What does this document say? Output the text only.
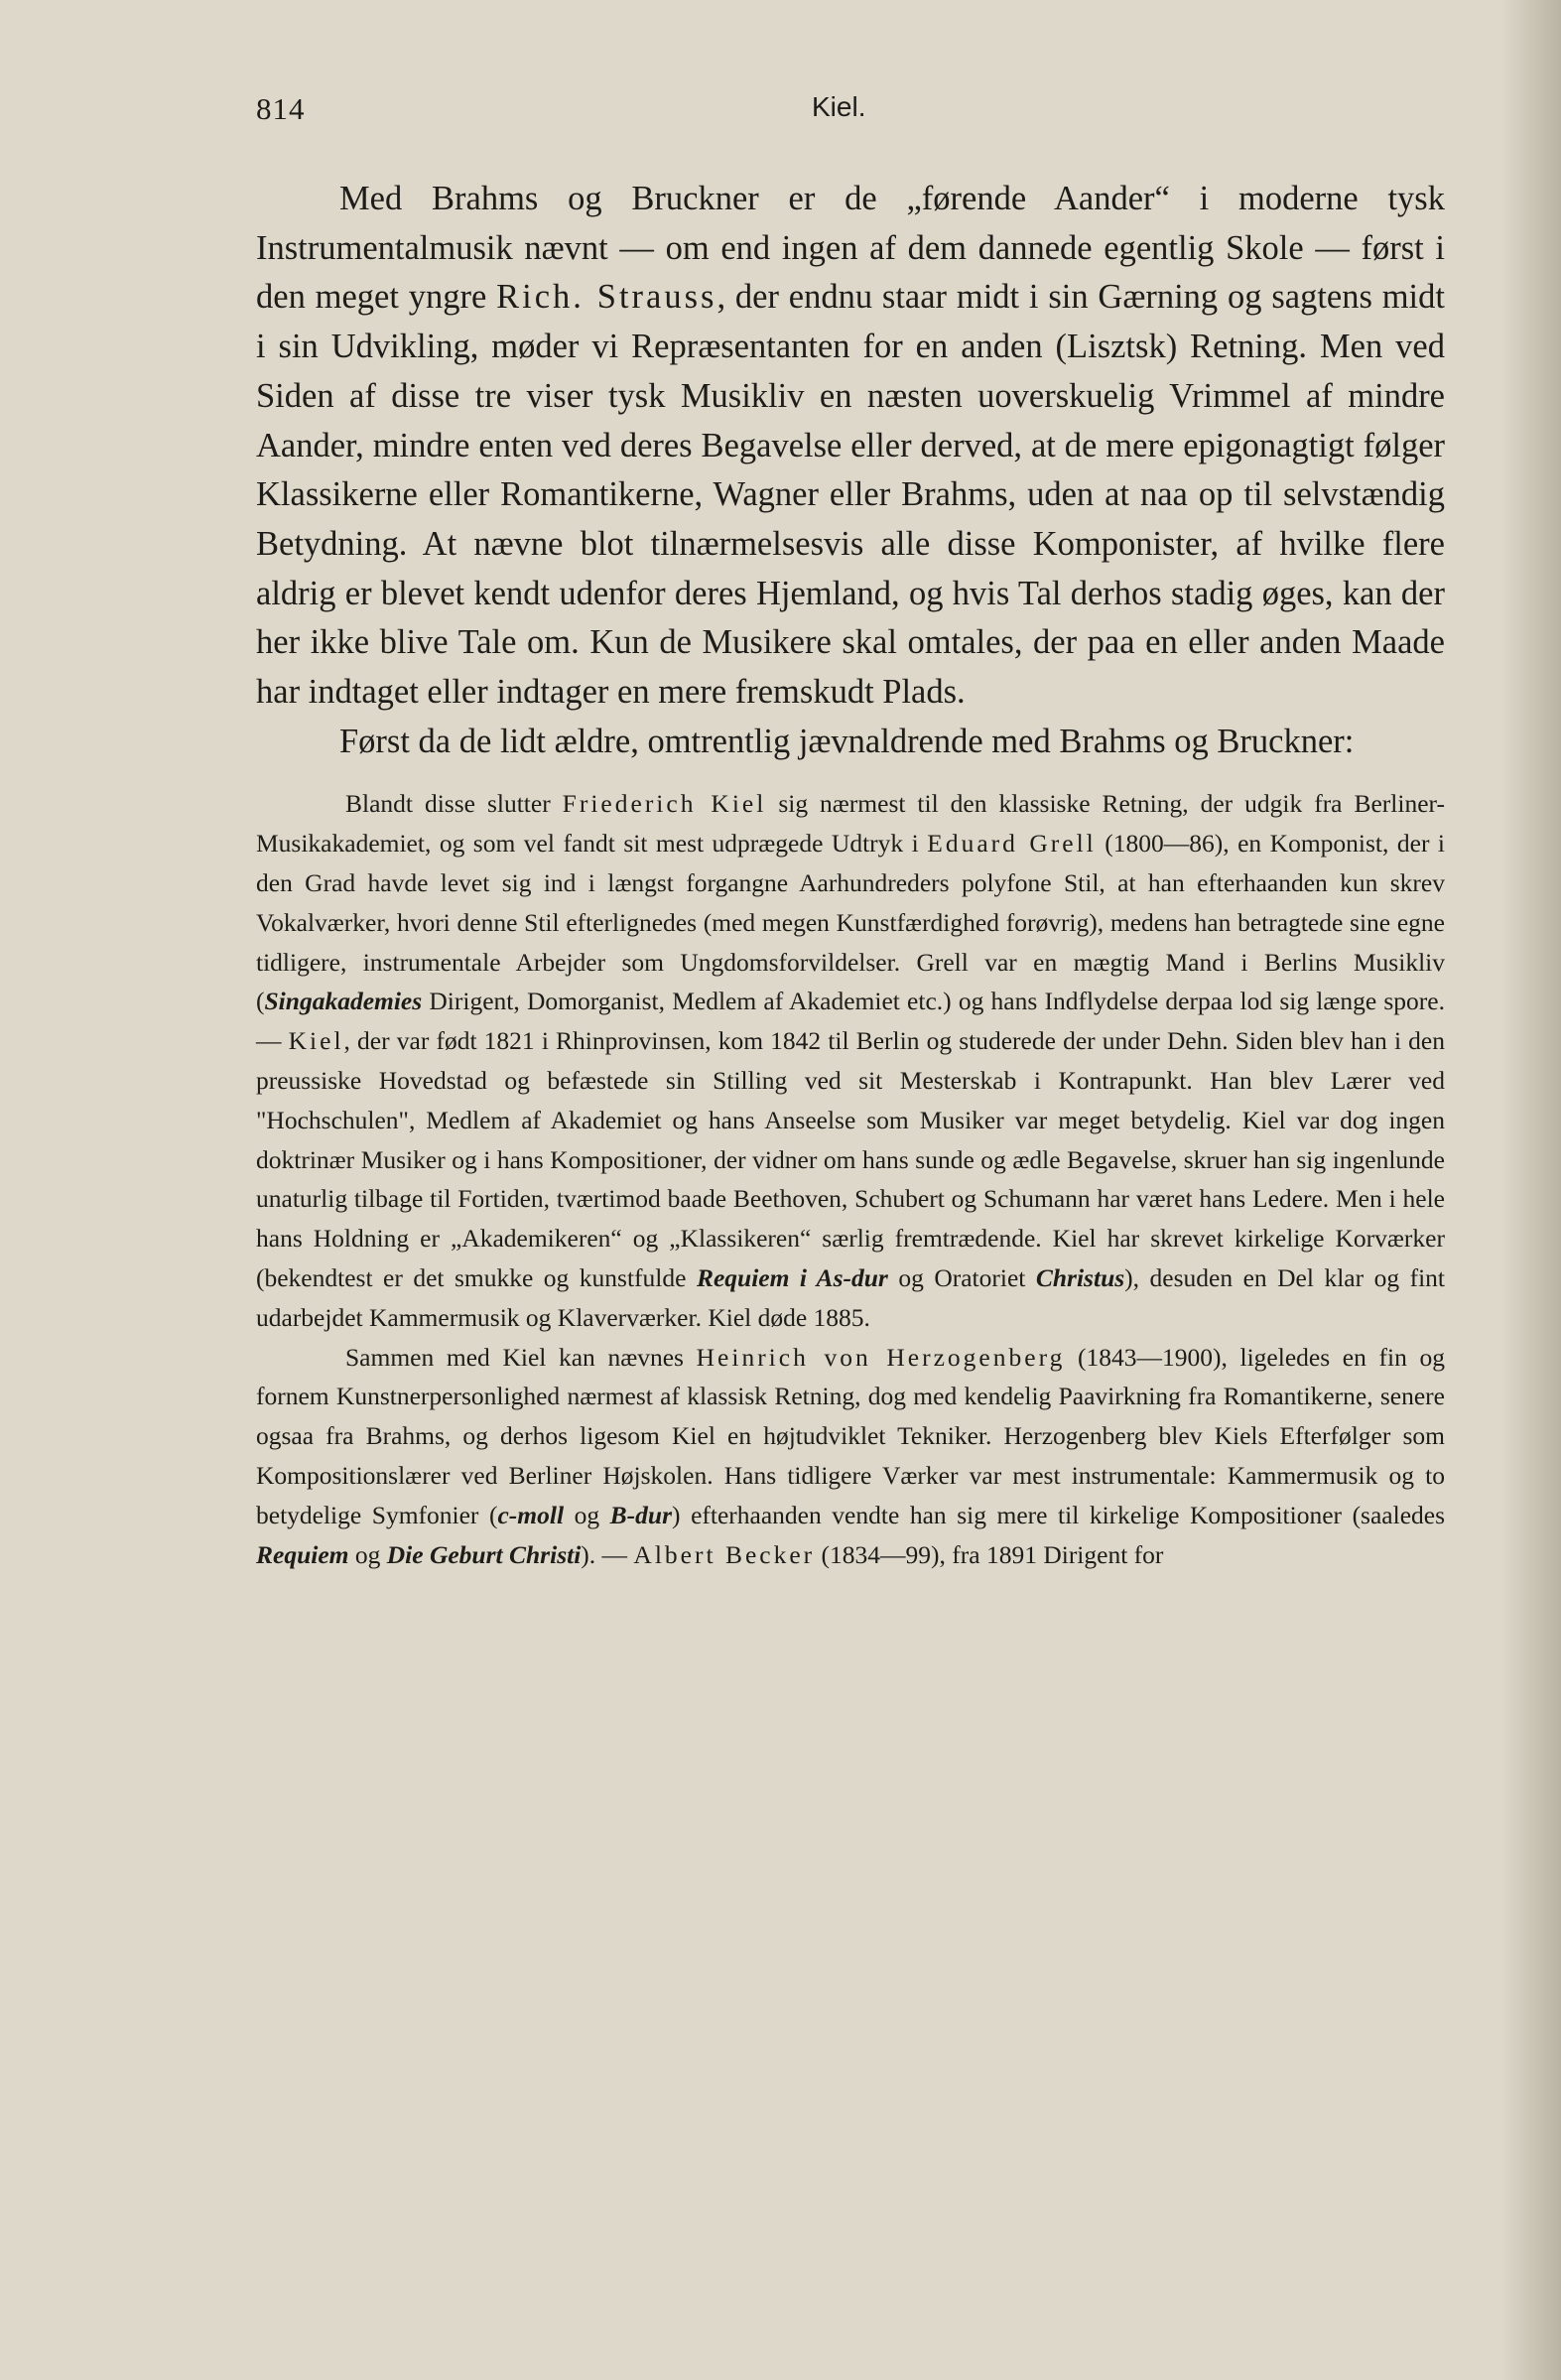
814	Kiel.

Med Brahms og Bruckner er de „førende Aander“ i moderne tysk Instrumentalmusik nævnt — om end ingen af dem dannede egentlig Skole — først i den meget yngre Rich. Strauss, der endnu staar midt i sin Gærning og sagtens midt i sin Udvikling, møder vi Repræsentanten for en anden (Lisztsk) Retning. Men ved Siden af disse tre viser tysk Musikliv en næsten uoverskuelig Vrimmel af mindre Aander, mindre enten ved deres Begavelse eller derved, at de mere epigonagtigt følger Klassikerne eller Romantikerne, Wagner eller Brahms, uden at naa op til selvstændig Betydning. At nævne blot tilnærmelsesvis alle disse Komponister, af hvilke flere aldrig er blevet kendt udenfor deres Hjemland, og hvis Tal derhos stadig øges, kan der her ikke blive Tale om. Kun de Musikere skal omtales, der paa en eller anden Maade har indtaget eller indtager en mere fremskudt Plads.

Først da de lidt ældre, omtrentlig jævnaldrende med Brahms og Bruckner:

Blandt disse slutter Friederich Kiel sig nærmest til den klassiske Retning, der udgik fra Berliner-Musikakademiet, og som vel fandt sit mest udprægede Udtryk i Eduard Grell (1800—86), en Komponist, der i den Grad havde levet sig ind i længst forgangne Aarhundreders polyfone Stil, at han efterhaanden kun skrev Vokalværker, hvori denne Stil efterlignedes (med megen Kunstfærdighed forøvrig), medens han betragtede sine egne tidligere, instrumentale Arbejder som Ungdomsforvildelser. Grell var en mægtig Mand i Berlins Musikliv (Singakademies Dirigent, Domorganist, Medlem af Akademiet etc.) og hans Indflydelse derpaa lod sig længe spore. — Kiel, der var født 1821 i Rhinprovinsen, kom 1842 til Berlin og studerede der under Dehn. Siden blev han i den preussiske Hovedstad og befæstede sin Stilling ved sit Mesterskab i Kontrapunkt. Han blev Lærer ved "Hochschulen", Medlem af Akademiet og hans Anseelse som Musiker var meget betydelig. Kiel var dog ingen doktrinær Musiker og i hans Kompositioner, der vidner om hans sunde og ædle Begavelse, skruer han sig ingenlunde unaturlig tilbage til Fortiden, tværtimod baade Beethoven, Schubert og Schumann har været hans Ledere. Men i hele hans Holdning er „Akademikeren“ og „Klassikeren“ særlig fremtrædende. Kiel har skrevet kirkelige Korværker (bekendtest er det smukke og kunstfulde Requiem i As-dur og Oratoriet Christus), desuden en Del klar og fint udarbejdet Kammermusik og Klaverværker. Kiel døde 1885.

Sammen med Kiel kan nævnes Heinrich von Herzogenberg (1843—1900), ligeledes en fin og fornem Kunstnerpersonlighed nærmest af klassisk Retning, dog med kendelig Paavirkning fra Romantikerne, senere ogsaa fra Brahms, og derhos ligesom Kiel en højtudviklet Tekniker. Herzogenberg blev Kiels Efterfølger som Kompositionslærer ved Berliner Højskolen. Hans tidligere Værker var mest instrumentale: Kammermusik og to betydelige Symfonier (c-moll og B-dur) efterhaanden vendte han sig mere til kirkelige Kompositioner (saaledes Requiem og Die Geburt Christi). — Albert Becker (1834—99), fra 1891 Dirigent for
